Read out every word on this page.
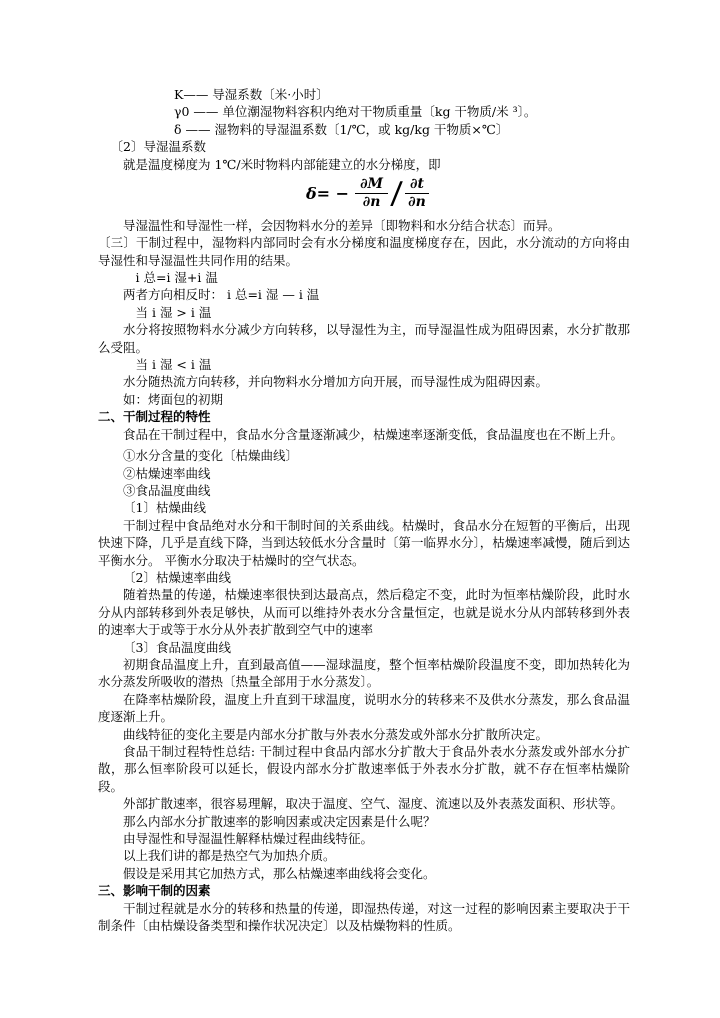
K—— 导湿系数〔米·小时〕

γ0 —— 单位潮湿物料容积内绝对干物质重量〔kg 干物质/米 ³〕。

δ —— 湿物料的导湿温系数〔1/℃，或 kg/kg 干物质×℃〕

〔2〕导湿温系数

就是温度梯度为 1℃/米时物料内部能建立的水分梯度，即

$\delta= - \frac{\partial M}{\partial n} / \frac{\partial t}{\partial n}$

导湿温性和导湿性一样，会因物料水分的差异〔即物料和水分结合状态〕而异。

〔三〕干制过程中，湿物料内部同时会有水分梯度和温度梯度存在，因此，水分流动的方向将由导湿性和导湿温性共同作用的结果。

i 总=i 湿+i 温

两者方向相反时： i 总=i 湿 — i 温

当 i 湿 > i 温

水分将按照物料水分减少方向转移，以导湿性为主，而导湿温性成为阻碍因素，水分扩散那么受阻。

当 i 湿 < i 温

水分随热流方向转移，并向物料水分增加方向开展，而导湿性成为阻碍因素。

如：烤面包的初期

二、干制过程的特性

食品在干制过程中，食品水分含量逐渐减少，枯燥速率逐渐变低，食品温度也在不断上升。

①水分含量的变化〔枯燥曲线〕

②枯燥速率曲线

③食品温度曲线

〔1〕枯燥曲线

干制过程中食品绝对水分和干制时间的关系曲线。枯燥时，食品水分在短暂的平衡后，出现快速下降，几乎是直线下降，当到达较低水分含量时〔第一临界水分〕，枯燥速率减慢，随后到达平衡水分。 平衡水分取决于枯燥时的空气状态。

〔2〕枯燥速率曲线

随着热量的传递，枯燥速率很快到达最高点，然后稳定不变，此时为恒率枯燥阶段，此时水分从内部转移到外表足够快，从而可以维持外表水分含量恒定，也就是说水分从内部转移到外表的速率大于或等于水分从外表扩散到空气中的速率

〔3〕食品温度曲线

初期食品温度上升，直到最高值——湿球温度，整个恒率枯燥阶段温度不变，即加热转化为水分蒸发所吸收的潜热〔热量全部用于水分蒸发〕。

在降率枯燥阶段，温度上升直到干球温度，说明水分的转移来不及供水分蒸发，那么食品温度逐渐上升。

曲线特征的变化主要是内部水分扩散与外表水分蒸发或外部水分扩散所决定。

食品干制过程特性总结: 干制过程中食品内部水分扩散大于食品外表水分蒸发或外部水分扩散，那么恒率阶段可以延长，假设内部水分扩散速率低于外表水分扩散，就不存在恒率枯燥阶段。

外部扩散速率，很容易理解，取决于温度、空气、湿度、流速以及外表蒸发面积、形状等。

那么内部水分扩散速率的影响因素或决定因素是什么呢？

由导湿性和导湿温性解释枯燥过程曲线特征。

以上我们讲的都是热空气为加热介质。

假设是采用其它加热方式，那么枯燥速率曲线将会变化。

三、影响干制的因素

干制过程就是水分的转移和热量的传递，即湿热传递，对这一过程的影响因素主要取决于干制条件〔由枯燥设备类型和操作状况决定〕以及枯燥物料的性质。
